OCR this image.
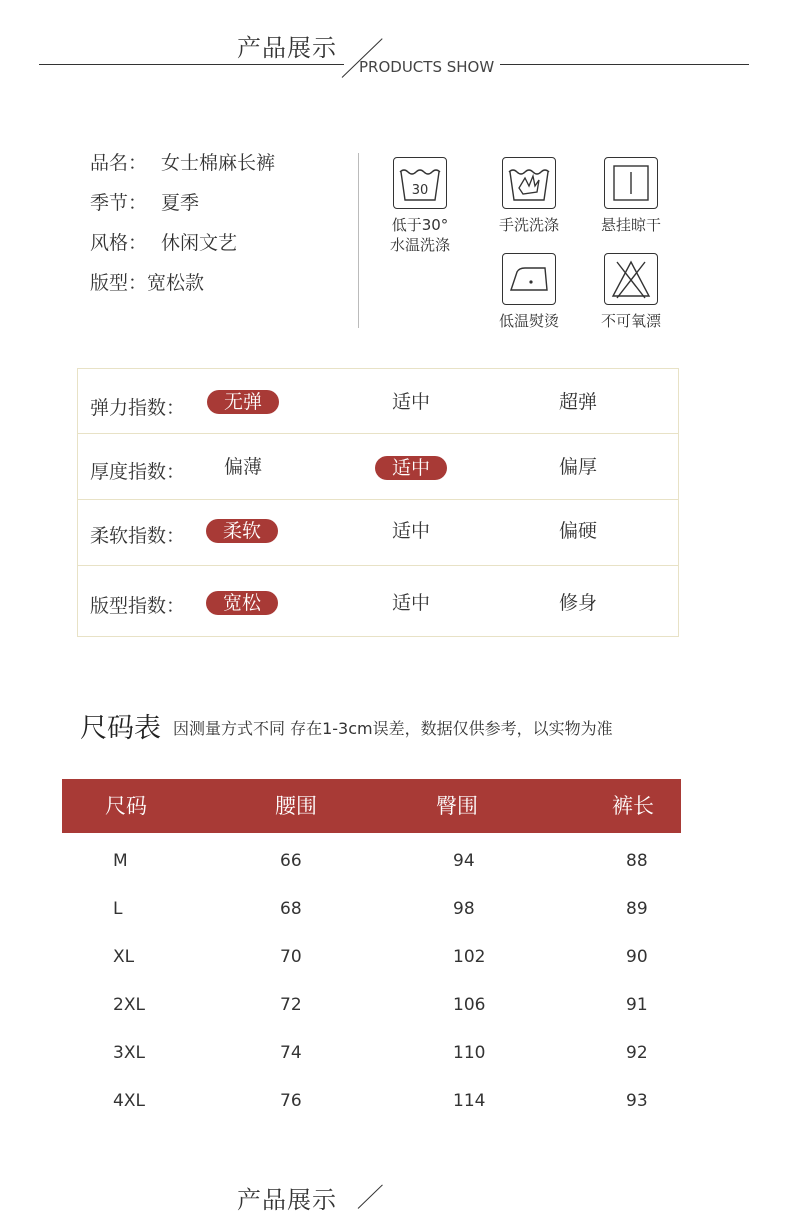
产品展示
PRODUCTS SHOW
品名： 女士棉麻长裤
季节： 夏季
风格： 休闲文艺
版型：宽松款
30
低于30°
水温洗涤
手洗洗涤	悬挂晾干
低温熨烫	不可氧漂
弹力指数：	无弹	适中	超弹
厚度指数：	偏薄	适中	偏厚
柔软指数：	柔软	适中	偏硬
版型指数：	宽松	适中	修身
尺码表 因测量方式不同 存在1-3cm误差，数据仅供参考，以实物为准
尺码	腰围	臀围	裤长
M	66	94	88
L	68	98	89
XL	70	102	90
2XL	72	106	91
3XL	74	110	92
4XL	76	114	93
产品展示
